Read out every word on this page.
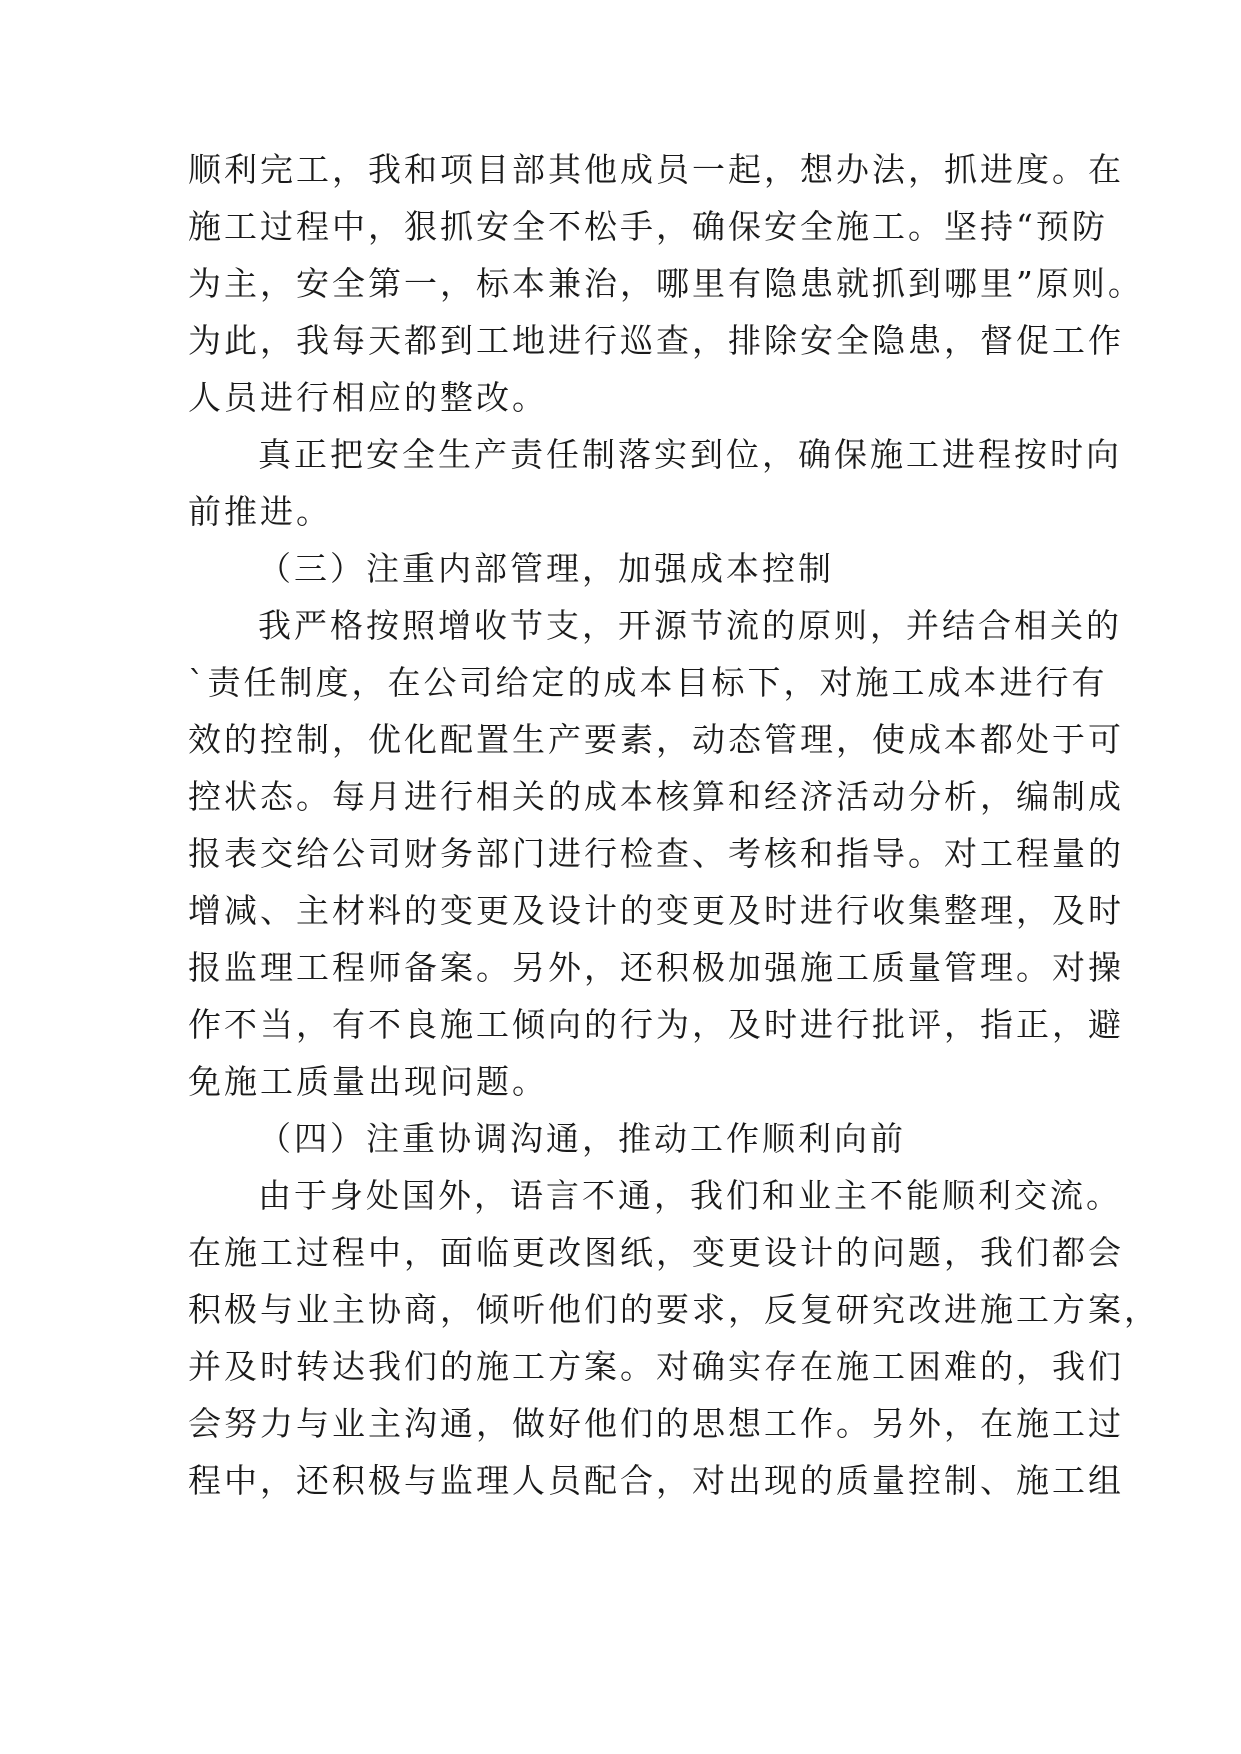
顺利完工，我和项目部其他成员一起，想办法，抓进度。在
施工过程中，狠抓安全不松手，确保安全施工。坚持“预防
为主，安全第一，标本兼治，哪里有隐患就抓到哪里”原则。
为此，我每天都到工地进行巡查，排除安全隐患，督促工作
人员进行相应的整改。
真正把安全生产责任制落实到位，确保施工进程按时向
前推进。
（三）注重内部管理，加强成本控制
我严格按照增收节支，开源节流的原则，并结合相关的
`责任制度，在公司给定的成本目标下，对施工成本进行有
效的控制，优化配置生产要素，动态管理，使成本都处于可
控状态。每月进行相关的成本核算和经济活动分析，编制成
报表交给公司财务部门进行检查、考核和指导。对工程量的
增减、主材料的变更及设计的变更及时进行收集整理，及时
报监理工程师备案。另外，还积极加强施工质量管理。对操
作不当，有不良施工倾向的行为，及时进行批评，指正，避
免施工质量出现问题。
（四）注重协调沟通，推动工作顺利向前
由于身处国外，语言不通，我们和业主不能顺利交流。
在施工过程中，面临更改图纸，变更设计的问题，我们都会
积极与业主协商，倾听他们的要求，反复研究改进施工方案，
并及时转达我们的施工方案。对确实存在施工困难的，我们
会努力与业主沟通，做好他们的思想工作。另外，在施工过
程中，还积极与监理人员配合，对出现的质量控制、施工组
